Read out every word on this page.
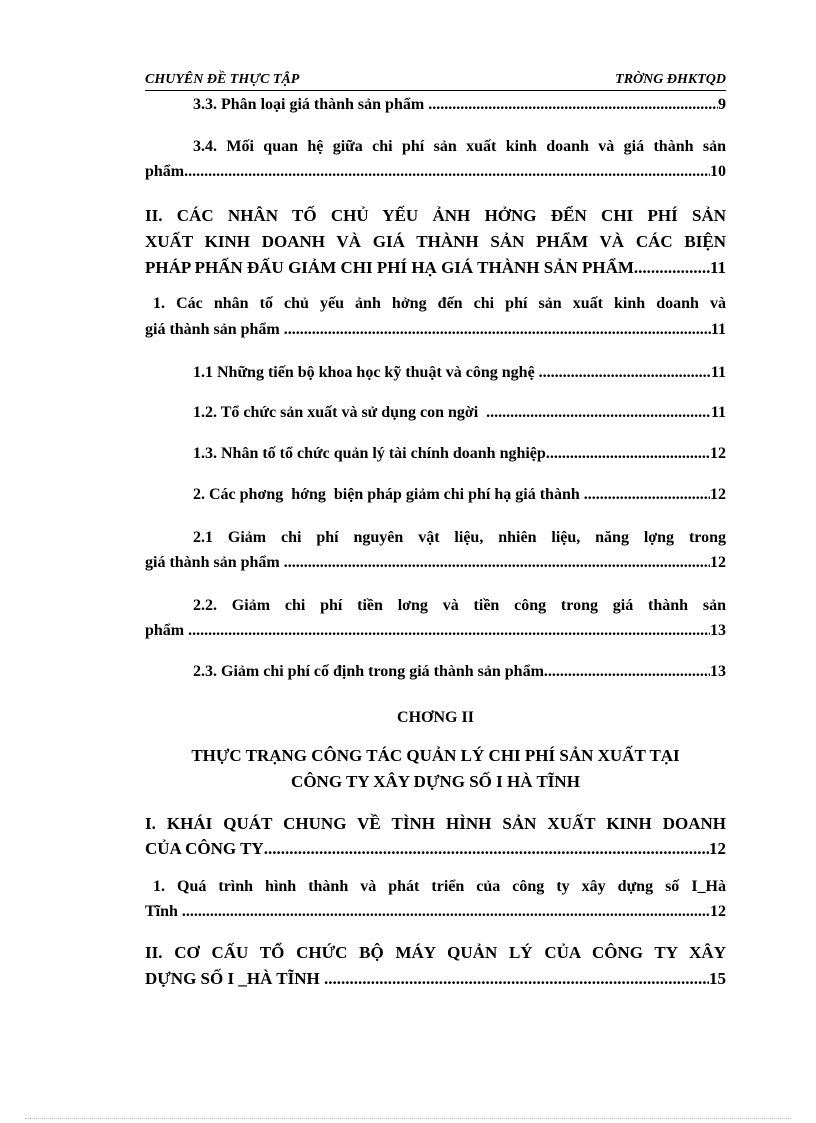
CHUYÊN ĐỀ THỰC TẬP	TRỜNG ĐHKTQD
3.3. Phân loại giá thành sản phẩm .....	9
3.4. Mối quan hệ giữa chi phí sản xuất kinh doanh và giá thành sản
phẩm .....	10
II. CÁC NHÂN TỐ CHỦ YẾU ẢNH HỞNG ĐẾN CHI PHÍ SẢN
XUẤT KINH DOANH VÀ GIÁ THÀNH SẢN PHẨM VÀ CÁC BIỆN
PHÁP PHẤN ĐẤU GIẢM CHI PHÍ HẠ GIÁ THÀNH SẢN PHẨM .....	11
1. Các nhân tố chủ yếu ảnh hởng đến chi phí sản xuất kinh doanh và
giá thành sản phẩm .....	11
1.1 Những tiến bộ khoa học kỹ thuật và công nghệ .....	11
1.2. Tổ chức sản xuất và sử dụng con ngời .....	11
1.3. Nhân tố tổ chức quản lý tài chính doanh nghiệp .....	12
2. Các phơng  hớng  biện pháp giảm chi phí hạ giá thành .....	12
2.1 Giảm chi phí nguyên vật liệu, nhiên liệu, năng lợng trong
giá thành sản phẩm .....	12
2.2. Giảm chi phí tiền lơng và tiền công trong giá thành sản
phẩm .....	13
2.3. Giảm chi phí cố định trong giá thành sản phẩm .....	13
CHƠNG II
THỰC TRẠNG CÔNG TÁC QUẢN LÝ CHI PHÍ SẢN XUẤT TẠI
CÔNG TY XÂY DỰNG SỐ I HÀ TĨNH
I. KHÁI QUÁT CHUNG VỀ TÌNH HÌNH SẢN XUẤT KINH DOANH
CỦA CÔNG TY .....	12
1. Quá trình hình thành và phát triển của công ty xây dựng số I_Hà
Tĩnh .....	12
II. CƠ CẤU TỔ CHỨC BỘ MÁY QUẢN LÝ CỦA CÔNG TY XÂY
DỰNG SỐ I _HÀ TĨNH .....	15
